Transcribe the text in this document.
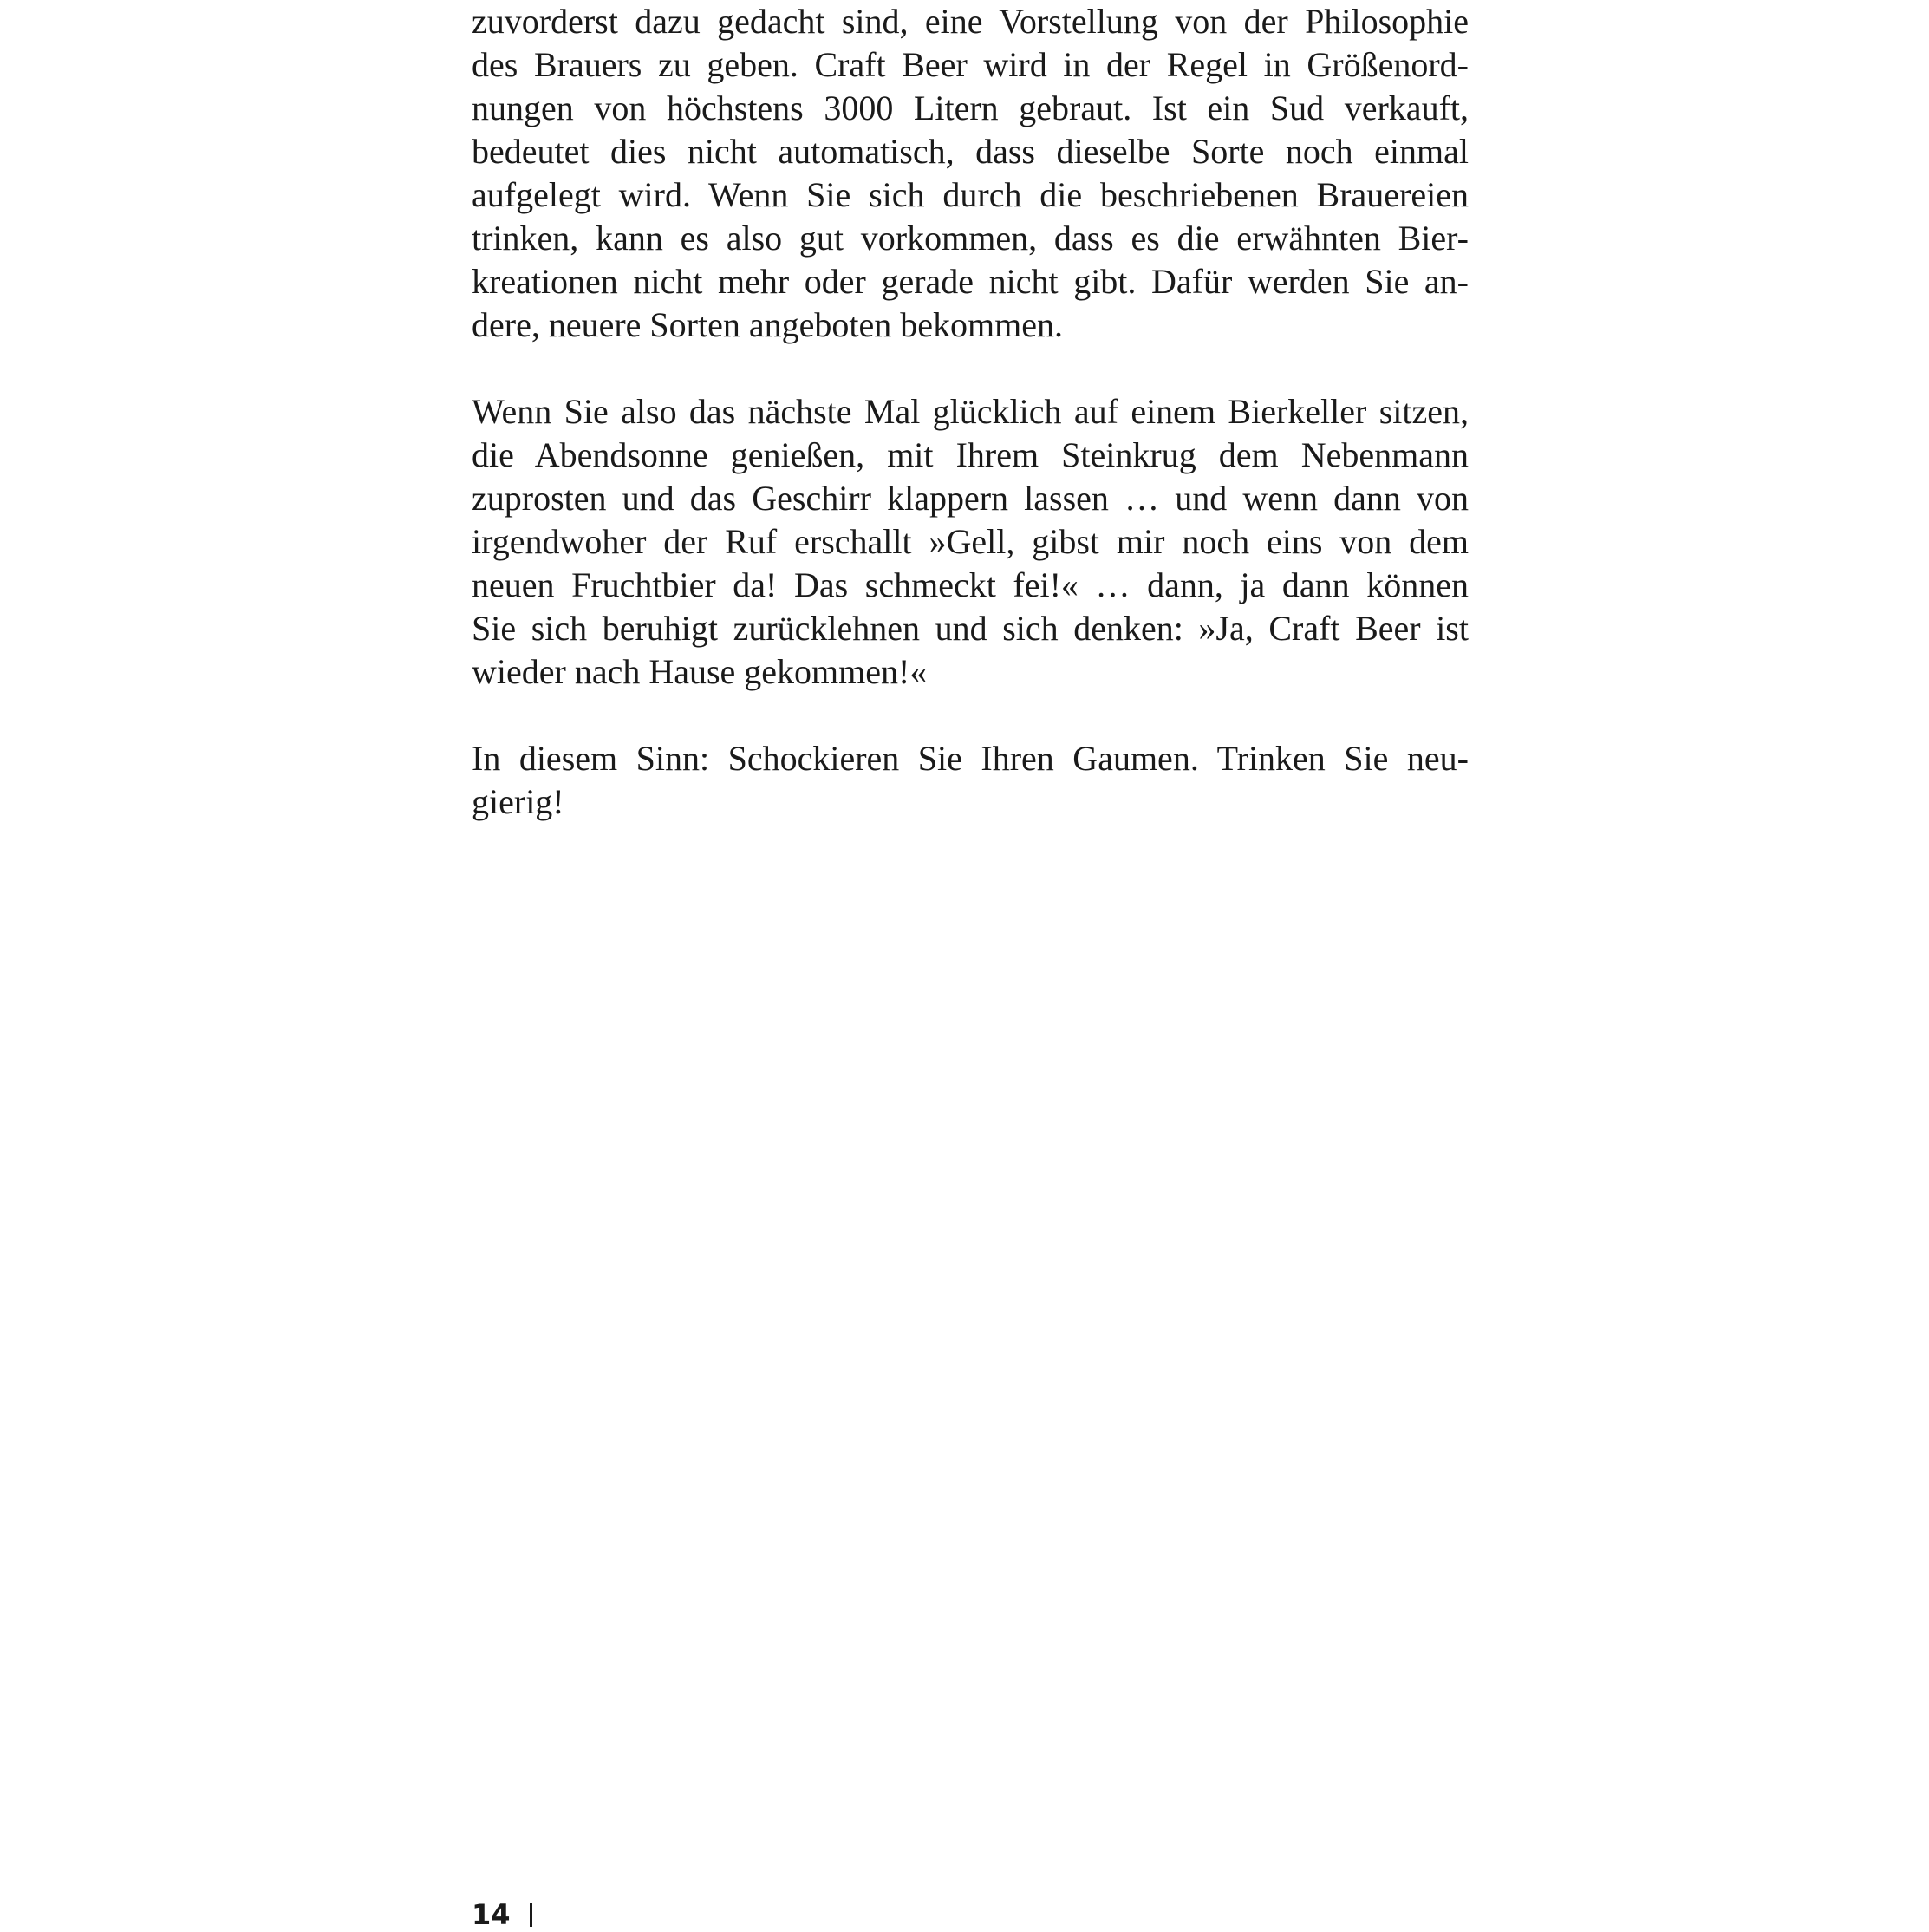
zuvorderst dazu gedacht sind, eine Vorstellung von der Philosophie
des Brauers zu geben. Craft Beer wird in der Regel in Größenord-
nungen von höchstens 3000 Litern gebraut. Ist ein Sud verkauft,
bedeutet dies nicht automatisch, dass dieselbe Sorte noch einmal
aufgelegt wird. Wenn Sie sich durch die beschriebenen Brauereien
trinken, kann es also gut vorkommen, dass es die erwähnten Bier-
kreationen nicht mehr oder gerade nicht gibt. Dafür werden Sie an-
dere, neuere Sorten angeboten bekommen.

Wenn Sie also das nächste Mal glücklich auf einem Bierkeller sitzen,
die Abendsonne genießen, mit Ihrem Steinkrug dem Nebenmann
zuprosten und das Geschirr klappern lassen … und wenn dann von
irgendwoher der Ruf erschallt »Gell, gibst mir noch eins von dem
neuen Fruchtbier da! Das schmeckt fei!« … dann, ja dann können
Sie sich beruhigt zurücklehnen und sich denken: »Ja, Craft Beer ist
wieder nach Hause gekommen!«

In diesem Sinn: Schockieren Sie Ihren Gaumen. Trinken Sie neu-
gierig!

14
